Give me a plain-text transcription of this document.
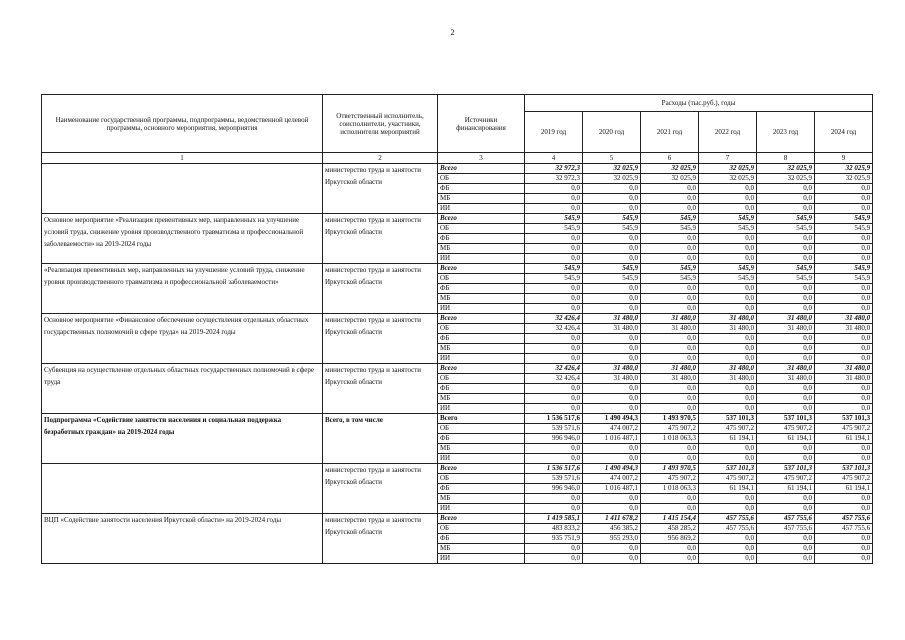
2
Наименование государственной программы, подпрограммы, ведомственной целевой программы, основного мероприятия, мероприятия	Ответственный исполнитель, соисполнители, участники, исполнители мероприятий	Источники финансирования	Расходы (тыс.руб.), годы					
			2019 год	2020 год	2021 год	2022 год	2023 год	2024 год
1	2	3	4	5	6	7	8	9
	министерство труда и занятости Иркутской области	Всего	32 972,3	32 025,9	32 025,9	32 025,9	32 025,9	32 025,9
		ОБ	32 972,3	32 025,9	32 025,9	32 025,9	32 025,9	32 025,9
		ФБ	0,0	0,0	0,0	0,0	0,0	0,0
		МБ	0,0	0,0	0,0	0,0	0,0	0,0
		ИИ	0,0	0,0	0,0	0,0	0,0	0,0
Основное мероприятие «Реализация превентивных мер, направленных на улучшение условий труда, снижение уровня производственного травматизма и профессиональной заболеваемости» на 2019-2024 годы	министерство труда и занятости Иркутской области	Всего	545,9	545,9	545,9	545,9	545,9	545,9
		ОБ	545,9	545,9	545,9	545,9	545,9	545,9
		ФБ	0,0	0,0	0,0	0,0	0,0	0,0
		МБ	0,0	0,0	0,0	0,0	0,0	0,0
		ИИ	0,0	0,0	0,0	0,0	0,0	0,0
«Реализация превентивных мер, направленных на улучшение условий труда, снижение уровня производственного травматизма и профессиональной заболеваемости»	министерство труда и занятости Иркутской области	Всего	545,9	545,9	545,9	545,9	545,9	545,9
		ОБ	545,9	545,9	545,9	545,9	545,9	545,9
		ФБ	0,0	0,0	0,0	0,0	0,0	0,0
		МБ	0,0	0,0	0,0	0,0	0,0	0,0
		ИИ	0,0	0,0	0,0	0,0	0,0	0,0
Основное мероприятие «Финансовое обеспечение осуществления отдельных областных государственных полномочий в сфере труда» на 2019-2024 годы	министерство труда и занятости Иркутской области	Всего	32 426,4	31 480,0	31 480,0	31 480,0	31 480,0	31 480,0
		ОБ	32 426,4	31 480,0	31 480,0	31 480,0	31 480,0	31 480,0
		ФБ	0,0	0,0	0,0	0,0	0,0	0,0
		МБ	0,0	0,0	0,0	0,0	0,0	0,0
		ИИ	0,0	0,0	0,0	0,0	0,0	0,0
Субвенция на осуществление отдельных областных государственных полномочий в сфере труда	министерство труда и занятости Иркутской области	Всего	32 426,4	31 480,0	31 480,0	31 480,0	31 480,0	31 480,0
		ОБ	32 426,4	31 480,0	31 480,0	31 480,0	31 480,0	31 480,0
		ФБ	0,0	0,0	0,0	0,0	0,0	0,0
		МБ	0,0	0,0	0,0	0,0	0,0	0,0
		ИИ	0,0	0,0	0,0	0,0	0,0	0,0
Подпрограмма «Содействие занятости населения и социальная поддержка безработных граждан» на 2019-2024 годы	Всего, в том числе	Всего	1 536 517,6	1 490 494,3	1 493 970,5	537 101,3	537 101,3	537 101,3
		ОБ	539 571,6	474 007,2	475 907,2	475 907,2	475 907,2	475 907,2
		ФБ	996 946,0	1 016 487,1	1 018 063,3	61 194,1	61 194,1	61 194,1
		МБ	0,0	0,0	0,0	0,0	0,0	0,0
		ИИ	0,0	0,0	0,0	0,0	0,0	0,0
	министерство труда и занятости Иркутской области	Всего	1 536 517,6	1 490 494,3	1 493 970,5	537 101,3	537 101,3	537 101,3
		ОБ	539 571,6	474 007,2	475 907,2	475 907,2	475 907,2	475 907,2
		ФБ	996 946,0	1 016 487,1	1 018 063,3	61 194,1	61 194,1	61 194,1
		МБ	0,0	0,0	0,0	0,0	0,0	0,0
		ИИ	0,0	0,0	0,0	0,0	0,0	0,0
ВЦП «Содействие занятости населения Иркутской области» на 2019-2024 годы	министерство труда и занятости Иркутской области	Всего	1 419 585,1	1 411 678,2	1 415 154,4	457 755,6	457 755,6	457 755,6
		ОБ	483 833,2	456 385,2	458 285,2	457 755,6	457 755,6	457 755,6
		ФБ	935 751,9	955 293,0	956 869,2	0,0	0,0	0,0
		МБ	0,0	0,0	0,0	0,0	0,0	0,0
		ИИ	0,0	0,0	0,0	0,0	0,0	0,0
